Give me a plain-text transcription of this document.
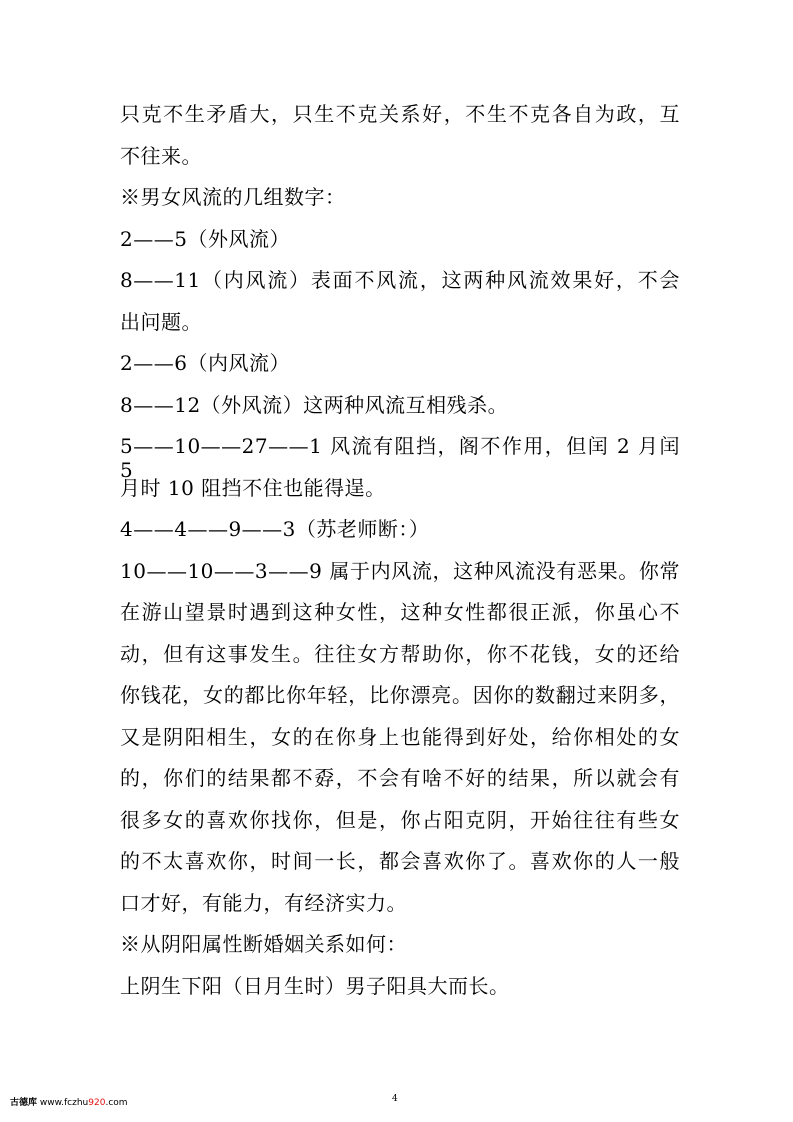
只克不生矛盾大，只生不克关系好，不生不克各自为政，互
不往来。
※男女风流的几组数字：
2——5（外风流）
8——11（内风流）表面不风流，这两种风流效果好，不会
出问题。
2——6（内风流）
8——12（外风流）这两种风流互相残杀。
5——10——27——1 风流有阻挡，阁不作用，但闰 2 月闰 5
月时 10 阻挡不住也能得逞。
4——4——9——3（苏老师断：）
10——10——3——9 属于内风流，这种风流没有恶果。你常
在游山望景时遇到这种女性，这种女性都很正派，你虽心不
动，但有这事发生。往往女方帮助你，你不花钱，女的还给
你钱花，女的都比你年轻，比你漂亮。因你的数翻过来阴多，
又是阴阳相生，女的在你身上也能得到好处，给你相处的女
的，你们的结果都不孬，不会有啥不好的结果，所以就会有
很多女的喜欢你找你，但是，你占阳克阴，开始往往有些女
的不太喜欢你，时间一长，都会喜欢你了。喜欢你的人一般
口才好，有能力，有经济实力。
※从阴阳属性断婚姻关系如何：
上阴生下阳（日月生时）男子阳具大而长。
古德库 www.fczhu920.com	4
